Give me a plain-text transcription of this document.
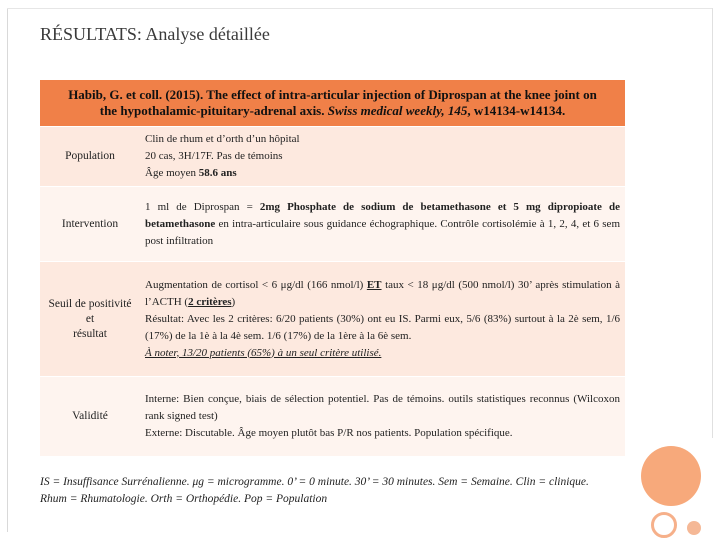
RÉSULTATS: Analyse détaillée
Habib, G. et coll. (2015). The effect of intra-articular injection of Diprospan at the knee joint on
the hypothalamic-pituitary-adrenal axis. Swiss medical weekly, 145, w14134-w14134.
Population
Clin de rhum et d’orth d’un hôpital
20 cas, 3H/17F. Pas de témoins
Âge moyen 58.6 ans
Intervention
1 ml de Diprospan = 2mg Phosphate de sodium de betamethasone et 5 mg dipropioate de betamethasone en intra-articulaire sous guidance échographique. Contrôle cortisolémie à 1, 2, 4, et 6 sem post infiltration
Seuil de positivité et
résultat
Augmentation de cortisol < 6 μg/dl (166 nmol/l) ET taux < 18 μg/dl (500 nmol/l) 30’ après stimulation à l’ACTH (2 critères)
Résultat: Avec les 2 critères: 6/20 patients (30%) ont eu IS. Parmi eux, 5/6 (83%) surtout à la 2è sem, 1/6 (17%) de la 1è à la 4è sem. 1/6 (17%) de la 1ère à la 6è sem.
À noter, 13/20 patients (65%) à un seul critère utilisé.
Validité
Interne: Bien conçue, biais de sélection potentiel. Pas de témoins. outils statistiques reconnus (Wilcoxon rank signed test)
Externe: Discutable. Âge moyen plutôt bas P/R nos patients. Population spécifique.
IS = Insuffisance Surrénalienne. μg = microgramme. 0’ = 0 minute. 30’ = 30 minutes. Sem = Semaine. Clin = clinique.
Rhum = Rhumatologie. Orth = Orthopédie. Pop = Population
